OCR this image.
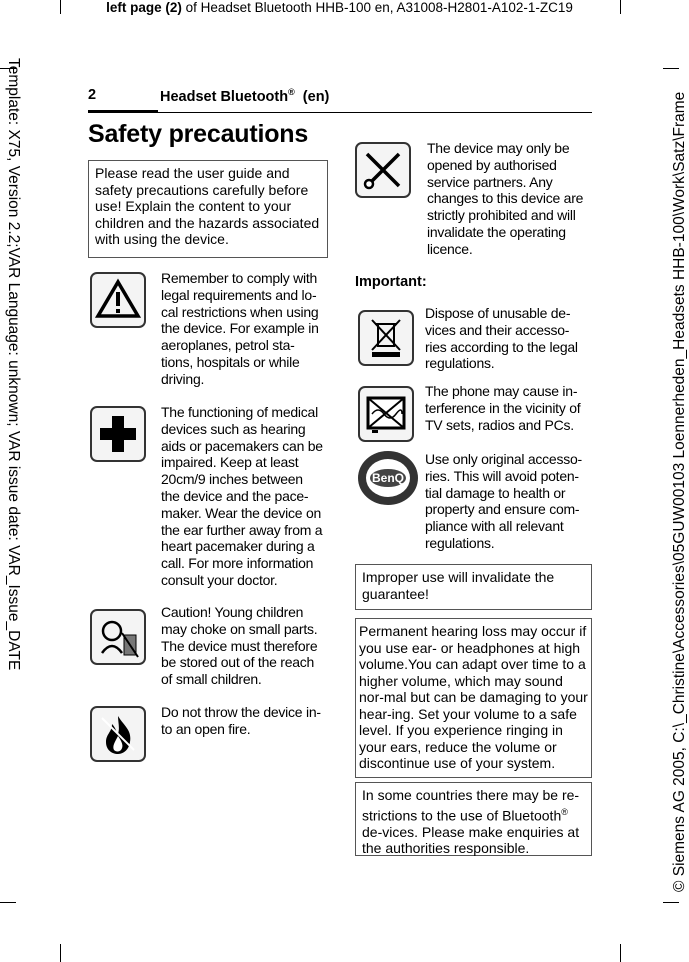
left page (2) of Headset Bluetooth HHB-100 en, A31008-H2801-A102-1-ZC19
Template: X75, Version 2.2;VAR Language: unknown; VAR issue date: VAR_Issue_DATE	© Siemens AG 2005, C:\_Christine\Accessories\05GUW00103 Loennerheden_Headsets HHB-100\Work\Satz\Frame
2	Headset Bluetooth® (en)
Safety precautions
Please read the user guide and safety precautions carefully before use! Explain the content to your children and the hazards associated with using the device.
Remember to comply with legal requirements and lo-cal restrictions when using the device. For example in aeroplanes, petrol sta-tions, hospitals or while driving.
The functioning of medical devices such as hearing aids or pacemakers can be impaired. Keep at least 20cm/9 inches between the device and the pace-maker. Wear the device on the ear further away from a heart pacemaker during a call. For more information consult your doctor.
Caution! Young children may choke on small parts. The device must therefore be stored out of the reach of small children.
Do not throw the device in-to an open fire.
The device may only be opened by authorised service partners. Any changes to this device are strictly prohibited and will invalidate the operating licence.
Important:
Dispose of unusable de-vices and their accesso-ries according to the legal regulations.
The phone may cause in-terference in the vicinity of TV sets, radios and PCs.
BenQ
Use only original accesso-ries. This will avoid poten-tial damage to health or property and ensure com-pliance with all relevant regulations.
Improper use will invalidate the guarantee!
Permanent hearing loss may occur if you use ear- or headphones at high volume.You can adapt over time to a higher volume, which may sound nor-mal but can be damaging to your hear-ing. Set your volume to a safe level. If you experience ringing in your ears, reduce the volume or discontinue use of your system.
In some countries there may be re-strictions to the use of Bluetooth® de-vices. Please make enquiries at the authorities responsible.
